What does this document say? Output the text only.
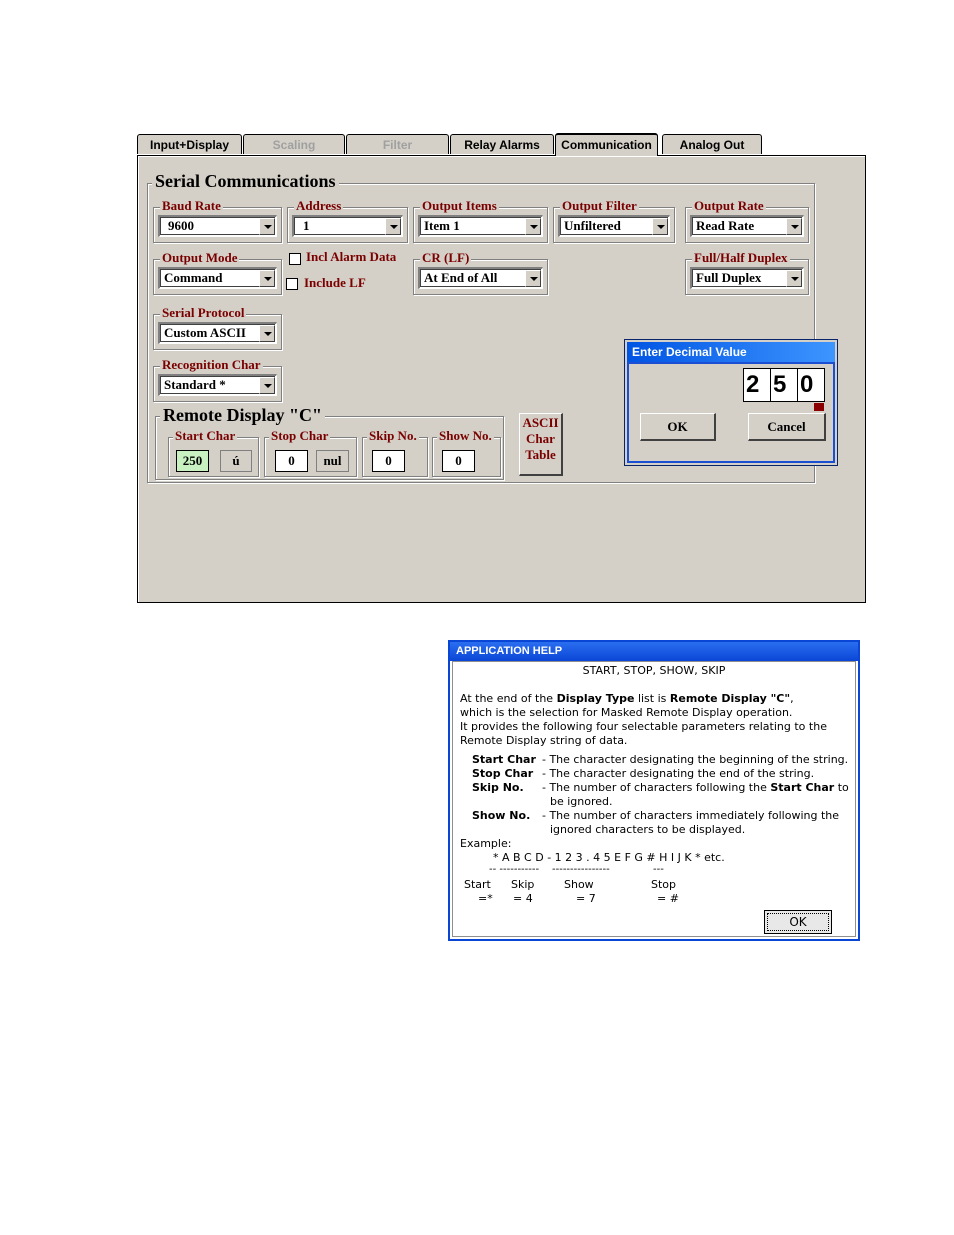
Input+Display	Scaling	Filter	Relay Alarms	Communication	Analog Out
Serial Communications
Baud Rate
9600
Address
1
Output Items
Item 1
Output Filter
Unfiltered
Output Rate
Read Rate
Output Mode
Command
Incl Alarm Data
Include LF
CR (LF)
At End of All
Full/Half Duplex
Full Duplex
Serial Protocol
Custom ASCII
Recognition Char
Standard *
Remote Display "C"
Start Char
250	ú
Stop Char
0	nul
Skip No.
0
Show No.
0
ASCII
Char
Table
Enter Decimal Value
2 5 0
OK	Cancel
APPLICATION HELP
START, STOP, SHOW, SKIP
At the end of the Display Type list is Remote Display "C",
which is the selection for Masked Remote Display operation.
It provides the following four selectable parameters relating to the
Remote Display string of data.
Start Char - The character designating the beginning of the string.
Stop Char - The character designating the end of the string.
Skip No. - The number of characters following the Start Char to
be ignored.
Show No. - The number of characters immediately following the
ignored characters to be displayed.
Example:
* A B C D - 1 2 3 . 4 5 E F G # H I J K * etc.
-- ----------- ----------------	---
Start Skip	Show	Stop
=* = 4	= 7	= #
OK
